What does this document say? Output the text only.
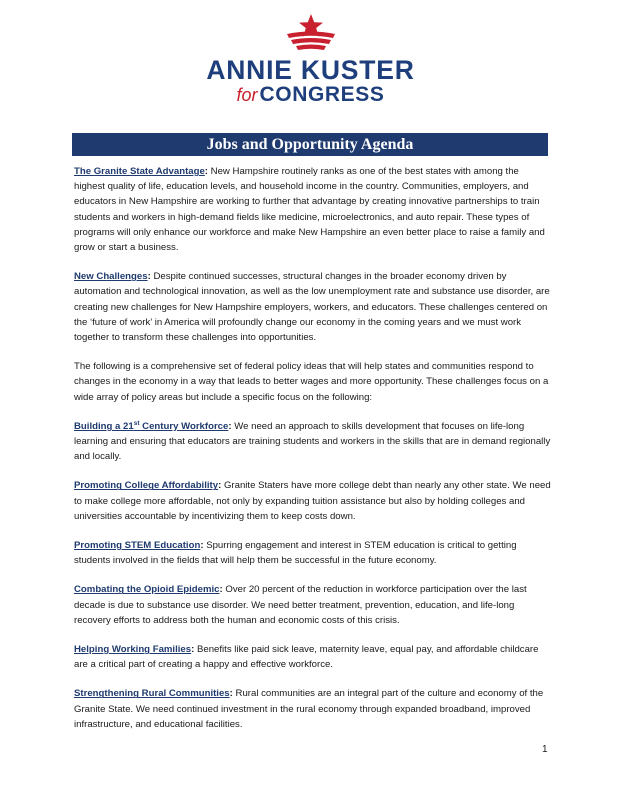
ANNIE KUSTER
forCONGRESS
Jobs and Opportunity Agenda

The Granite State Advantage: New Hampshire routinely ranks as one of the best states with among the highest quality of life, education levels, and household income in the country. Communities, employers, and educators in New Hampshire are working to further that advantage by creating innovative partnerships to train students and workers in high-demand fields like medicine, microelectronics, and auto repair. These types of programs will only enhance our workforce and make New Hampshire an even better place to raise a family and grow or start a business.

New Challenges: Despite continued successes, structural changes in the broader economy driven by automation and technological innovation, as well as the low unemployment rate and substance use disorder, are creating new challenges for New Hampshire employers, workers, and educators. These challenges centered on the ‘future of work’ in America will profoundly change our economy in the coming years and we must work together to transform these challenges into opportunities.

The following is a comprehensive set of federal policy ideas that will help states and communities respond to changes in the economy in a way that leads to better wages and more opportunity. These challenges focus on a wide array of policy areas but include a specific focus on the following:

Building a 21st Century Workforce: We need an approach to skills development that focuses on life-long learning and ensuring that educators are training students and workers in the skills that are in demand regionally and locally.

Promoting College Affordability: Granite Staters have more college debt than nearly any other state. We need to make college more affordable, not only by expanding tuition assistance but also by holding colleges and universities accountable by incentivizing them to keep costs down.

Promoting STEM Education: Spurring engagement and interest in STEM education is critical to getting students involved in the fields that will help them be successful in the future economy.

Combating the Opioid Epidemic: Over 20 percent of the reduction in workforce participation over the last decade is due to substance use disorder. We need better treatment, prevention, education, and life-long recovery efforts to address both the human and economic costs of this crisis.

Helping Working Families: Benefits like paid sick leave, maternity leave, equal pay, and affordable childcare are a critical part of creating a happy and effective workforce.

Strengthening Rural Communities: Rural communities are an integral part of the culture and economy of the Granite State. We need continued investment in the rural economy through expanded broadband, improved infrastructure, and educational facilities.

1
